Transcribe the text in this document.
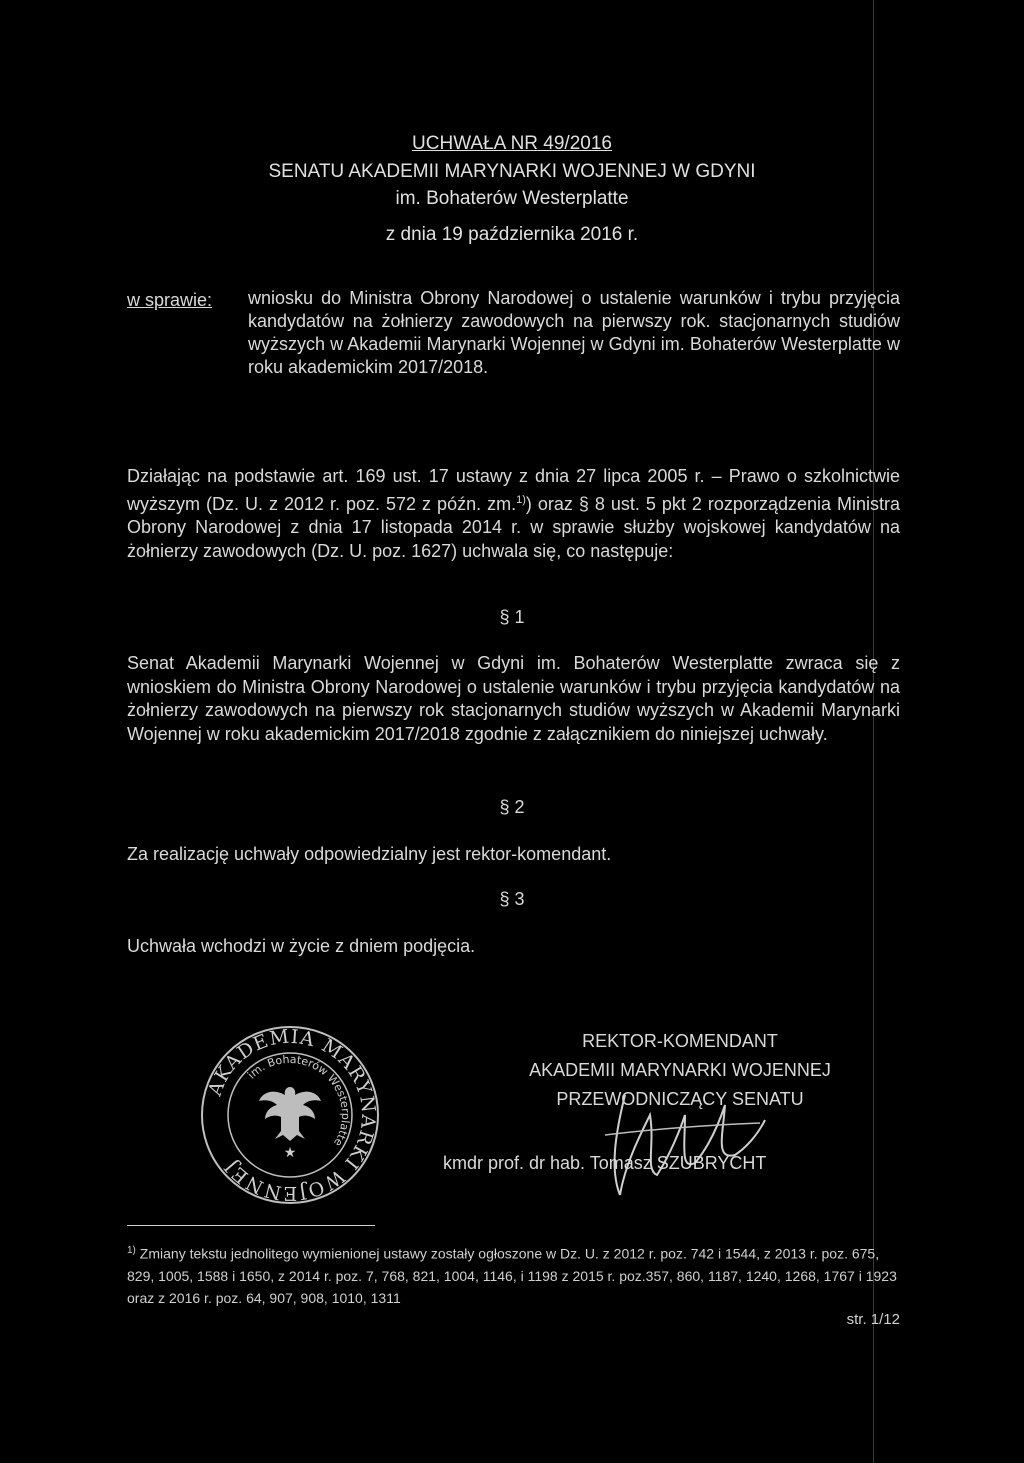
UCHWAŁA NR 49/2016
SENATU AKADEMII MARYNARKI WOJENNEJ W GDYNI
im. Bohaterów Westerplatte
z dnia 19 października 2016 r.
w sprawie: wniosku do Ministra Obrony Narodowej o ustalenie warunków i trybu przyjęcia kandydatów na żołnierzy zawodowych na pierwszy rok. stacjonarnych studiów wyższych w Akademii Marynarki Wojennej w Gdyni im. Bohaterów Westerplatte w roku akademickim 2017/2018.
Działając na podstawie art. 169 ust. 17 ustawy z dnia 27 lipca 2005 r. – Prawo o szkolnictwie wyższym (Dz. U. z 2012 r. poz. 572 z późn. zm.$^{1)}$) oraz § 8 ust. 5 pkt 2 rozporządzenia Ministra Obrony Narodowej z dnia 17 listopada 2014 r. w sprawie służby wojskowej kandydatów na żołnierzy zawodowych (Dz. U. poz. 1627) uchwala się, co następuje:
§ 1
Senat Akademii Marynarki Wojennej w Gdyni im. Bohaterów Westerplatte zwraca się z wnioskiem do Ministra Obrony Narodowej o ustalenie warunków i trybu przyjęcia kandydatów na żołnierzy zawodowych na pierwszy rok stacjonarnych studiów wyższych w Akademii Marynarki Wojennej w roku akademickim 2017/2018 zgodnie z załącznikiem do niniejszej uchwały.
§ 2
Za realizację uchwały odpowiedzialny jest rektor-komendant.
§ 3
Uchwała wchodzi w życie z dniem podjęcia.
REKTOR-KOMENDANT
AKADEMII MARYNARKI WOJENNEJ
PRZEWODNICZĄCY SENATU
kmdr prof. dr hab. Tomasz SZUBRYCHT
AKADEMIA MARYNARKI WOJENNEJ
im. Bohaterów Westerplatte
★
$^{1)}$ Zmiany tekstu jednolitego wymienionej ustawy zostały ogłoszone w Dz. U. z 2012 r. poz. 742 i 1544, z 2013 r. poz. 675, 829, 1005, 1588 i 1650, z 2014 r. poz. 7, 768, 821, 1004, 1146, i 1198 z 2015 r. poz.357, 860, 1187, 1240, 1268, 1767 i 1923 oraz z 2016 r. poz. 64, 907, 908, 1010, 1311
str. 1/12
